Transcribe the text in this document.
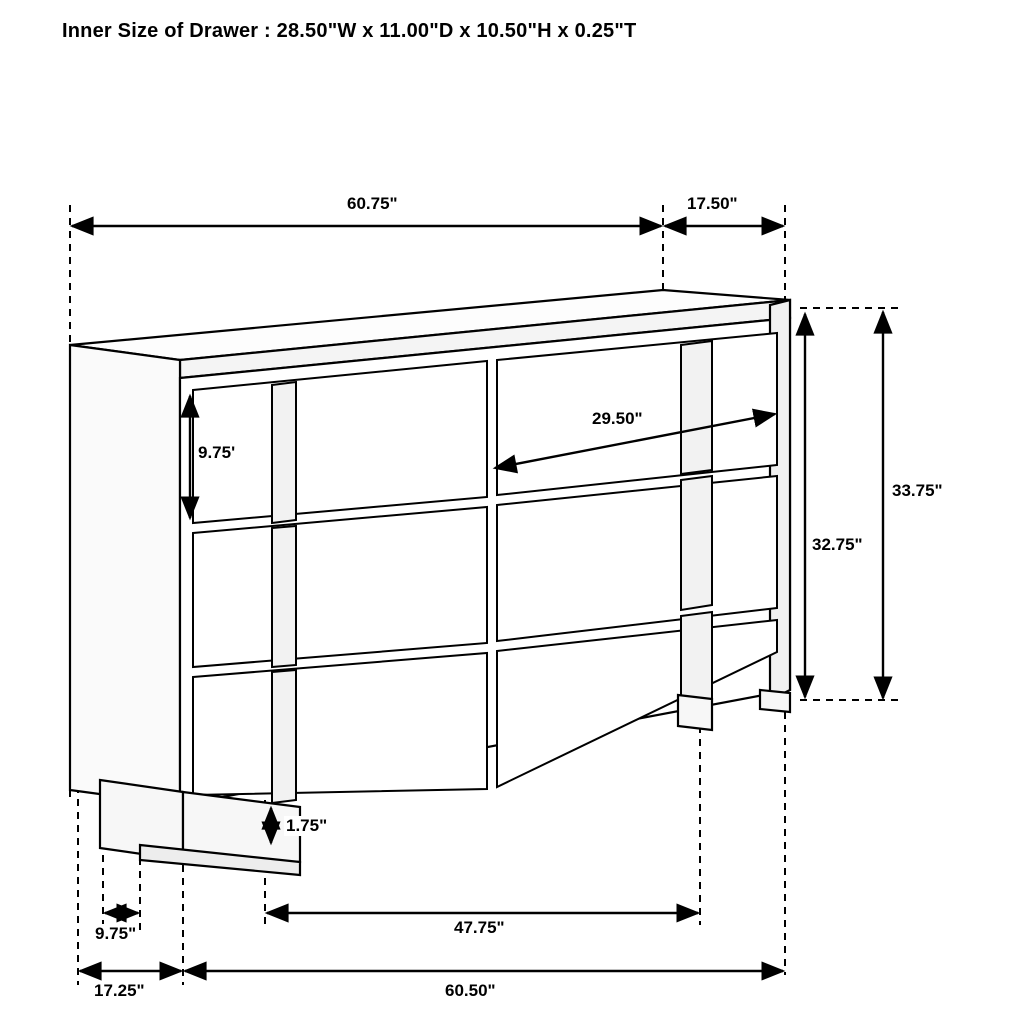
Inner Size of Drawer : 28.50"W x 11.00"D x 10.50"H x 0.25"T
60.75"	17.50"
9.75'
29.50"
33.75"
32.75"
1.75"
9.75"
17.25"
47.75"
60.50"
